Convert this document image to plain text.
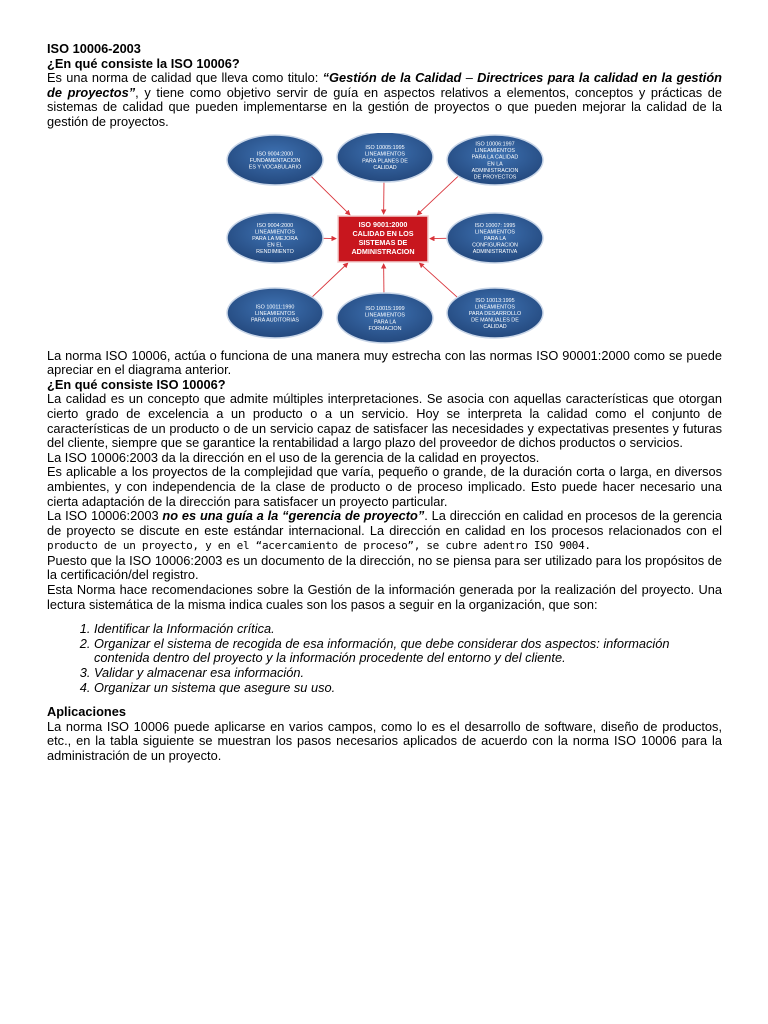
ISO 10006-2003

¿En qué consiste la ISO 10006?

Es una norma de calidad que lleva como titulo: “Gestión de la Calidad – Directrices para la calidad en la gestión de proyectos”, y tiene como objetivo servir de guía en aspectos relativos a elementos, conceptos y prácticas de sistemas de calidad que pueden implementarse en la gestión de proyectos o que pueden mejorar la calidad de la gestión de proyectos.

ISO 9004:2000
FUNDAMENTACION
ES Y VOCABULARIO
ISO 10005:1995
LINEAMIENTOS
PARA PLANES DE
CALIDAD
ISO 10006:1997
LINEAMIENTOS
PARA LA CALIDAD
EN LA
ADMINISTRACION
DE PROYECTOS
ISO 9004:2000
LINEAMIENTOS
PARA LA MEJORA
EN EL
RENDIMIENTO
ISO 10007: 1995
LINEAMIENTOS
PARA LA
CONFIGURACION
ADMINISTRATIVA
ISO 10011:1990
LINEAMIENTOS
PARA AUDITORIAS
ISO 10015:1999
LINEAMIENTOS
PARA LA
FORMACION
ISO 10013:1995
LINEAMIENTOS
PARA DESARROLLO
DE MANUALES DE
CALIDAD
ISO 9001:2000 CALIDAD EN LOS SISTEMAS DE ADMINISTRACION

La norma ISO 10006, actúa o funciona de una manera muy estrecha con las normas ISO 90001:2000 como se puede apreciar en el diagrama anterior.

¿En qué consiste ISO 10006?

La calidad es un concepto que admite múltiples interpretaciones. Se asocia con aquellas características que otorgan cierto grado de excelencia a un producto o a un servicio. Hoy se interpreta la calidad como el conjunto de características de un producto o de un servicio capaz de satisfacer las necesidades y expectativas presentes y futuras del cliente, siempre que se garantice la rentabilidad a largo plazo del proveedor de dichos productos o servicios.

La ISO 10006:2003 da la dirección en el uso de la gerencia de la calidad en proyectos.

Es aplicable a los proyectos de la complejidad que varía, pequeño o grande, de la duración corta o larga, en diversos ambientes, y con independencia de la clase de producto o de proceso implicado. Esto puede hacer necesario una cierta adaptación de la dirección para satisfacer un proyecto particular.

La ISO 10006:2003 no es una guía a la “gerencia de proyecto”. La dirección en calidad en procesos de la gerencia de proyecto se discute en este estándar internacional. La dirección en calidad en los procesos relacionados con el producto de un proyecto, y en el “acercamiento de proceso”, se cubre adentro ISO 9004.

Puesto que la ISO 10006:2003 es un documento de la dirección, no se piensa para ser utilizado para los propósitos de la certificación/del registro.

Esta Norma hace recomendaciones sobre la Gestión de la información generada por la realización del proyecto. Una lectura sistemática de la misma indica cuales son los pasos a seguir en la organización, que son:

1. Identificar la Información crítica.
2. Organizar el sistema de recogida de esa información, que debe considerar dos aspectos: información contenida dentro del proyecto y la información procedente del entorno y del cliente.
3. Validar y almacenar esa información.
4. Organizar un sistema que asegure su uso.

Aplicaciones

La norma ISO 10006 puede aplicarse en varios campos, como lo es el desarrollo de software, diseño de productos, etc., en la tabla siguiente se muestran los pasos necesarios aplicados de acuerdo con la norma ISO 10006 para la administración de un proyecto.
